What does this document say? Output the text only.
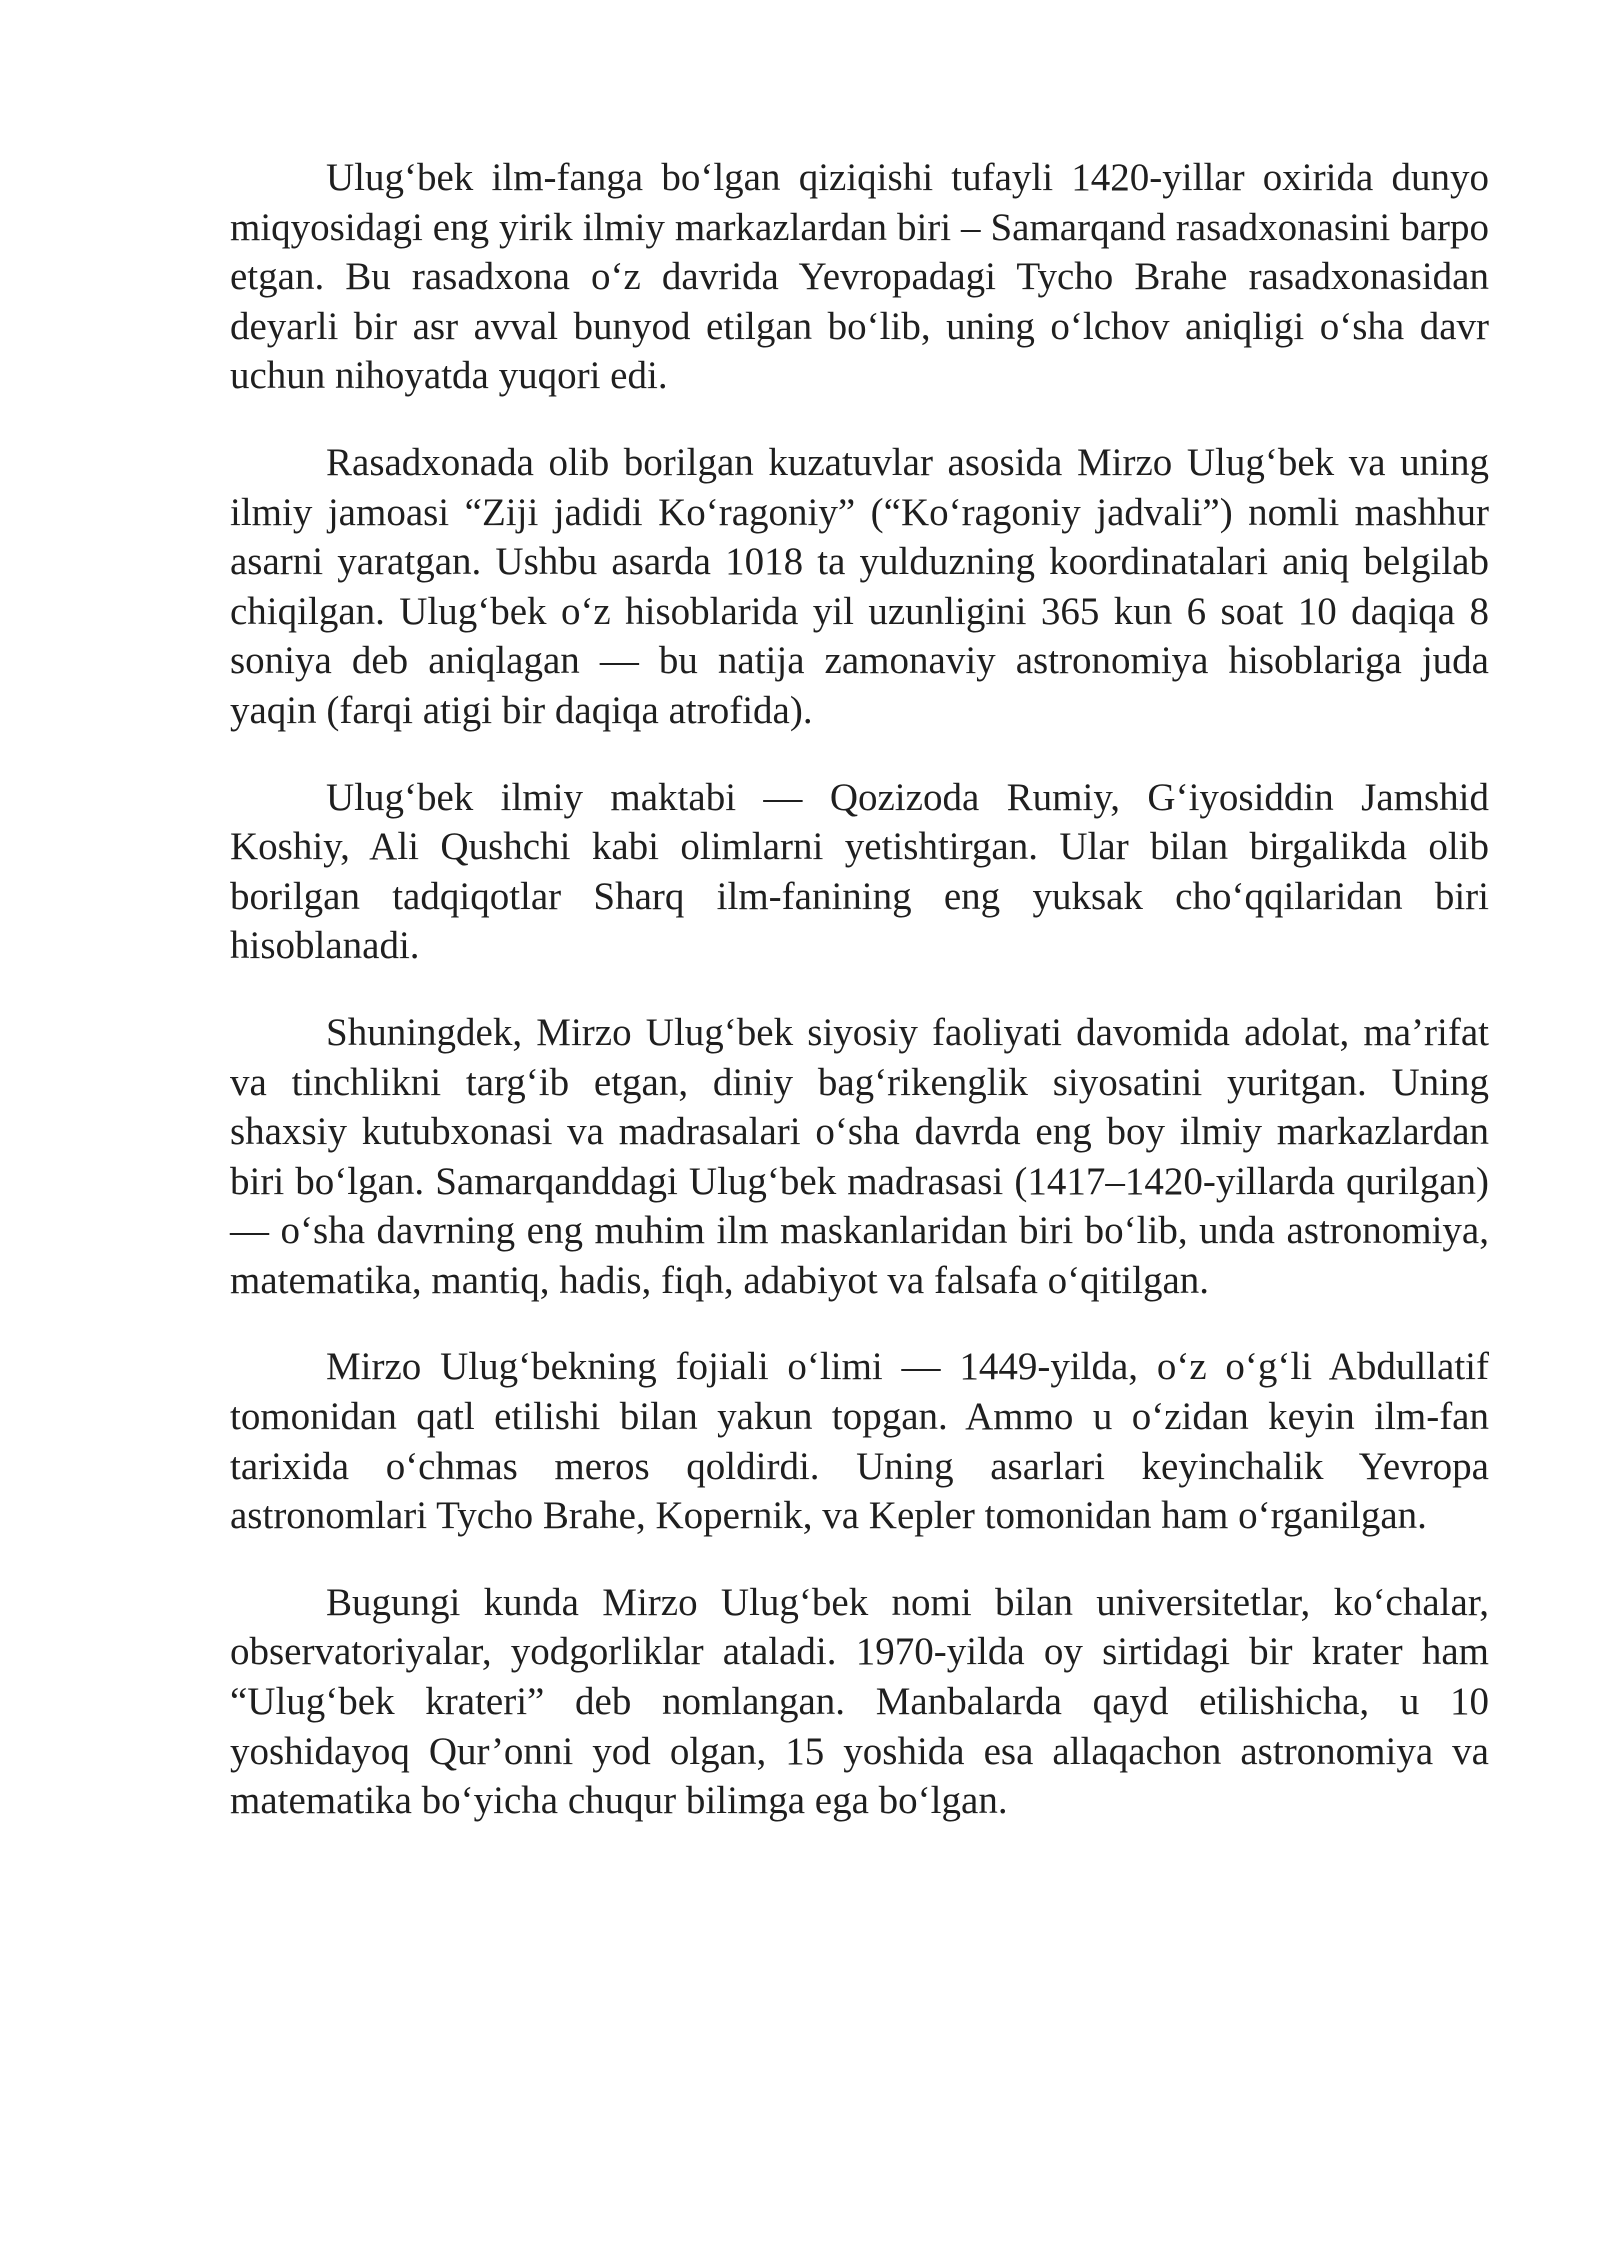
Ulug‘bek ilm-fanga bo‘lgan qiziqishi tufayli 1420-yillar oxirida dunyo miqyosidagi eng yirik ilmiy markazlardan biri – Samarqand rasadxonasini barpo etgan. Bu rasadxona o‘z davrida Yevropadagi Tycho Brahe rasadxonasidan deyarli bir asr avval bunyod etilgan bo‘lib, uning o‘lchov aniqligi o‘sha davr uchun nihoyatda yuqori edi.

Rasadxonada olib borilgan kuzatuvlar asosida Mirzo Ulug‘bek va uning ilmiy jamoasi “Ziji jadidi Ko‘ragoniy” (“Ko‘ragoniy jadvali”) nomli mashhur asarni yaratgan. Ushbu asarda 1018 ta yulduzning koordinatalari aniq belgilab chiqilgan. Ulug‘bek o‘z hisoblarida yil uzunligini 365 kun 6 soat 10 daqiqa 8 soniya deb aniqlagan — bu natija zamonaviy astronomiya hisoblariga juda yaqin (farqi atigi bir daqiqa atrofida).

Ulug‘bek ilmiy maktabi — Qozizoda Rumiy, G‘iyosiddin Jamshid Koshiy, Ali Qushchi kabi olimlarni yetishtirgan. Ular bilan birgalikda olib borilgan tadqiqotlar Sharq ilm-fanining eng yuksak cho‘qqilaridan biri hisoblanadi.

Shuningdek, Mirzo Ulug‘bek siyosiy faoliyati davomida adolat, ma’rifat va tinchlikni targ‘ib etgan, diniy bag‘rikenglik siyosatini yuritgan. Uning shaxsiy kutubxonasi va madrasalari o‘sha davrda eng boy ilmiy markazlardan biri bo‘lgan. Samarqanddagi Ulug‘bek madrasasi (1417–1420-yillarda qurilgan) — o‘sha davrning eng muhim ilm maskanlaridan biri bo‘lib, unda astronomiya, matematika, mantiq, hadis, fiqh, adabiyot va falsafa o‘qitilgan.

Mirzo Ulug‘bekning fojiali o‘limi — 1449-yilda, o‘z o‘g‘li Abdullatif tomonidan qatl etilishi bilan yakun topgan. Ammo u o‘zidan keyin ilm-fan tarixida o‘chmas meros qoldirdi. Uning asarlari keyinchalik Yevropa astronomlari Tycho Brahe, Kopernik, va Kepler tomonidan ham o‘rganilgan.

Bugungi kunda Mirzo Ulug‘bek nomi bilan universitetlar, ko‘chalar, observatoriyalar, yodgorliklar ataladi. 1970-yilda oy sirtidagi bir krater ham “Ulug‘bek krateri” deb nomlangan. Manbalarda qayd etilishicha, u 10 yoshidayoq Qur’onni yod olgan, 15 yoshida esa allaqachon astronomiya va matematika bo‘yicha chuqur bilimga ega bo‘lgan.
